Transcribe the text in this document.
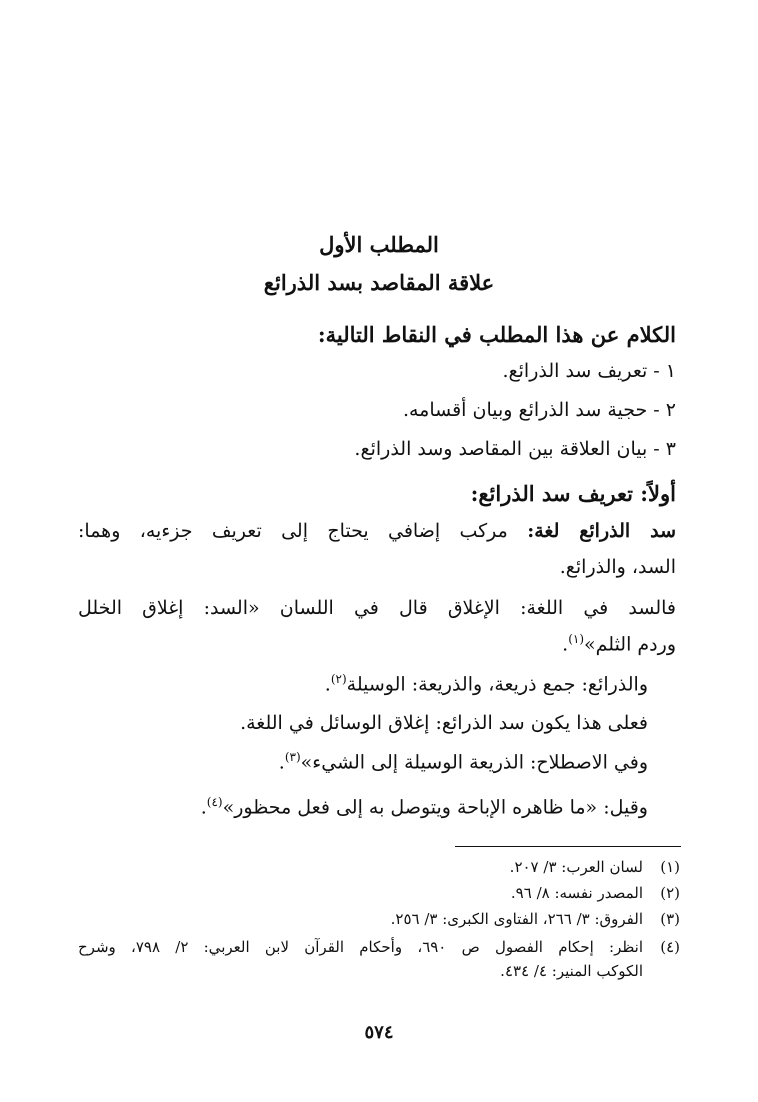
المطلب الأول
علاقة المقاصد بسد الذرائع
الكلام عن هذا المطلب في النقاط التالية:
١ - تعريف سد الذرائع.
٢ - حجية سد الذرائع وبيان أقسامه.
٣ - بيان العلاقة بين المقاصد وسد الذرائع.
أولاً: تعريف سد الذرائع:
سد الذرائع لغة: مركب إضافي يحتاج إلى تعريف جزءيه، وهما:
السد، والذرائع.
فالسد في اللغة: الإغلاق قال في اللسان «السد: إغلاق الخلل
وردم الثلم»$^{(١)}$.
والذرائع: جمع ذريعة، والذريعة: الوسيلة$^{(٢)}$.
فعلى هذا يكون سد الذرائع: إغلاق الوسائل في اللغة.
وفي الاصطلاح: الذريعة الوسيلة إلى الشيء»$^{(٣)}$.
وقيل: «ما ظاهره الإباحة ويتوصل به إلى فعل محظور»$^{(٤)}$.
(١)
لسان العرب: ٣/ ٢٠٧.
(٢)
المصدر نفسه: ٨/ ٩٦.
(٣)
الفروق: ٣/ ٢٦٦، الفتاوى الكبرى: ٣/ ٢٥٦.
(٤)
انظر: إحكام الفصول ص ٦٩٠، وأحكام القرآن لابن العربي: ٢/ ٧٩٨، وشرح
الكوكب المنير: ٤/ ٤٣٤.
٥٧٤
